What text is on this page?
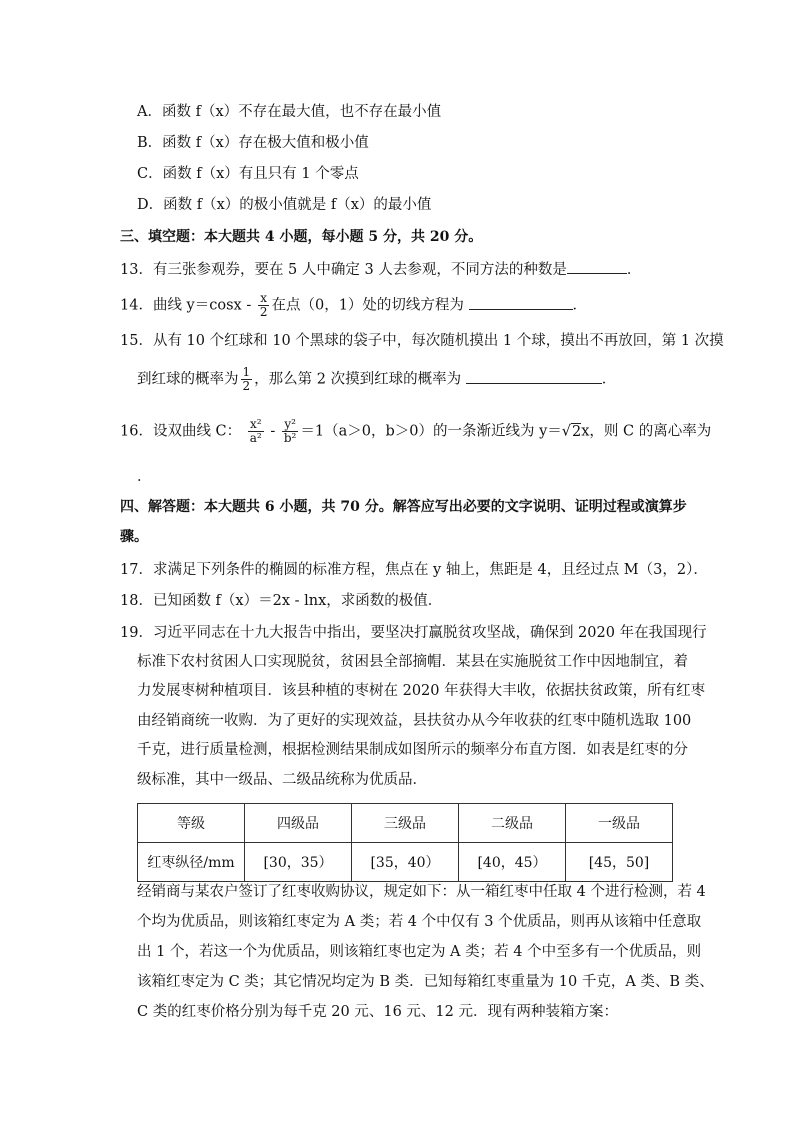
A．函数 f（x）不存在最大值，也不存在最小值
B．函数 f（x）存在极大值和极小值
C．函数 f（x）有且只有 1 个零点
D．函数 f（x）的极小值就是 f（x）的最小值
三、填空题：本大题共 4 小题，每小题 5 分，共 20 分。
13．有三张参观券，要在 5 人中确定 3 人去参观，不同方法的种数是	．
14．曲线 $y=\cos x - \frac{x}{2}$ 在点（0，1）处的切线方程为	．
15．从有 10 个红球和 10 个黑球的袋子中，每次随机摸出 1 个球，摸出不再放回，第 1 次摸
到红球的概率为 $\frac{1}{2}$ ，那么第 2 次摸到红球的概率为	．
16．设双曲线 C： $\frac{\text{x²}}{\text{a²}} - \frac{\text{y²}}{\text{b²}} =1(a>0$，b＞0）的一条渐近线为 y＝√2x，则 C 的离心率为
．
四、解答题：本大题共 6 小题，共 70 分。解答应写出必要的文字说明、证明过程或演算步
骤。
17．求满足下列条件的椭圆的标准方程，焦点在 y 轴上，焦距是 4，且经过点 M（3，2）．
18．已知函数 f（x）＝2x - lnx，求函数的极值．
19．习近平同志在十九大报告中指出，要坚决打赢脱贫攻坚战，确保到 2020 年在我国现行
标准下农村贫困人口实现脱贫，贫困县全部摘帽．某县在实施脱贫工作中因地制宜，着
力发展枣树种植项目．该县种植的枣树在 2020 年获得大丰收，依据扶贫政策，所有红枣
由经销商统一收购．为了更好的实现效益，县扶贫办从今年收获的红枣中随机选取 100
千克，进行质量检测，根据检测结果制成如图所示的频率分布直方图．如表是红枣的分
级标准，其中一级品、二级品统称为优质品．
等级	四级品	三级品	二级品	一级品
红枣纵径/mm	[30，35）	[35，40）	[40，45）	[45，50]
经销商与某农户签订了红枣收购协议，规定如下：从一箱红枣中任取 4 个进行检测，若 4
个均为优质品，则该箱红枣定为 A 类；若 4 个中仅有 3 个优质品，则再从该箱中任意取
出 1 个，若这一个为优质品，则该箱红枣也定为 A 类；若 4 个中至多有一个优质品，则
该箱红枣定为 C 类；其它情况均定为 B 类．已知每箱红枣重量为 10 千克，A 类、B 类、
C 类的红枣价格分别为每千克 20 元、16 元、12 元．现有两种装箱方案：
